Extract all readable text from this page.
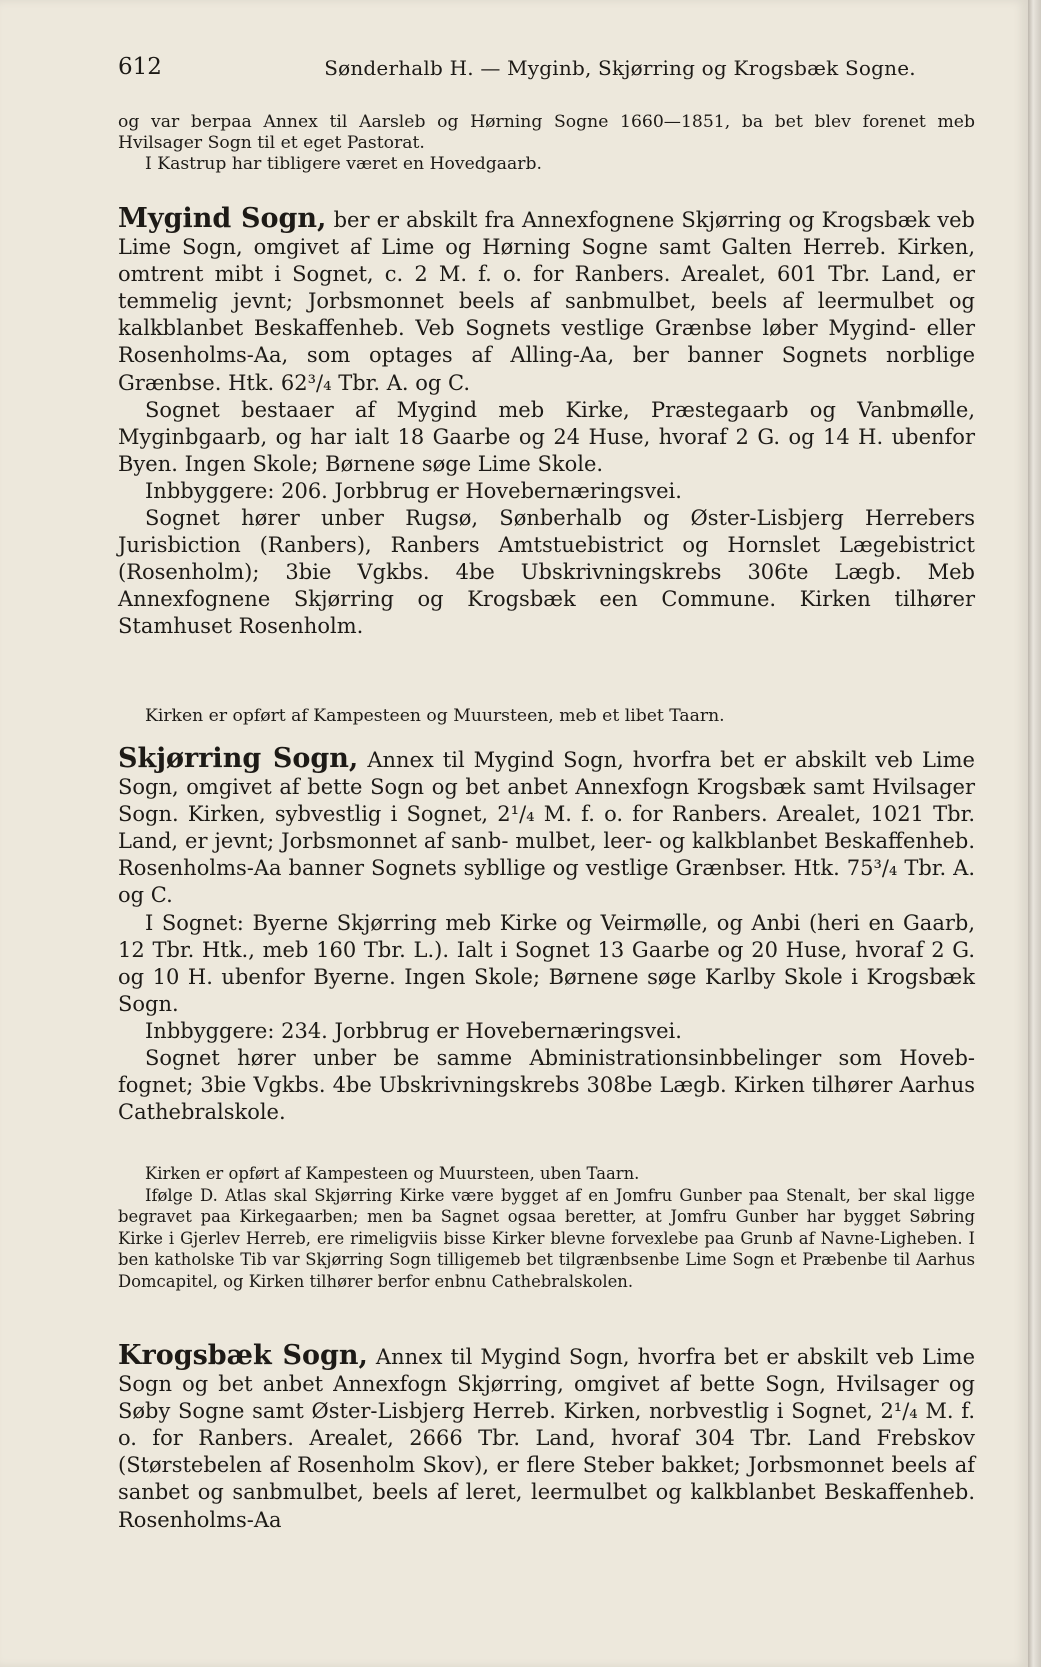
612	Sønderhalb H. — Myginb, Skjørring og Krogsbæk Sogne.

og var berpaa Annex til Aarsleb og Hørning Sogne 1660—1851, ba bet blev forenet meb Hvilsager Sogn til et eget Pastorat.

I Kastrup har tibligere været en Hovedgaarb.

Mygind Sogn, ber er abskilt fra Annexfognene Skjørring og Krogsbæk veb Lime Sogn, omgivet af Lime og Hørning Sogne samt Galten Herreb. Kirken, omtrent mibt i Sognet, c. 2 M. f. o. for Ranbers. Arealet, 601 Tbr. Land, er temmelig jevnt; Jorbsmonnet beels af sanbmulbet, beels af leermulbet og kalkblanbet Beskaffenheb. Veb Sognets vestlige Grænbse løber Mygind- eller Rosenholms-Aa, som optages af Alling-Aa, ber banner Sognets norblige Grænbse. Htk. 62³/₄ Tbr. A. og C.

Sognet bestaaer af Mygind meb Kirke, Præstegaarb og Vanbmølle, Myginbgaarb, og har ialt 18 Gaarbe og 24 Huse, hvoraf 2 G. og 14 H. ubenfor Byen. Ingen Skole; Børnene søge Lime Skole.

Inbbyggere: 206. Jorbbrug er Hovebernæringsvei.

Sognet hører unber Rugsø, Sønberhalb og Øster-Lisbjerg Herrebers Jurisbiction (Ranbers), Ranbers Amtstuebistrict og Hornslet Lægebistrict (Rosenholm); 3bie Vgkbs. 4be Ubskrivningskrebs 306te Lægb. Meb Annexfognene Skjørring og Krogsbæk een Commune. Kirken tilhører Stamhuset Rosenholm.

Kirken er opført af Kampesteen og Muursteen, meb et libet Taarn.

Skjørring Sogn, Annex til Mygind Sogn, hvorfra bet er abskilt veb Lime Sogn, omgivet af bette Sogn og bet anbet Annexfogn Krogsbæk samt Hvilsager Sogn. Kirken, sybvestlig i Sognet, 2¹/₄ M. f. o. for Ranbers. Arealet, 1021 Tbr. Land, er jevnt; Jorbsmonnet af sanb- mulbet, leer- og kalkblanbet Beskaffenheb. Rosenholms-Aa banner Sognets sybllige og vestlige Grænbser. Htk. 75³/₄ Tbr. A. og C.

I Sognet: Byerne Skjørring meb Kirke og Veirmølle, og Anbi (heri en Gaarb, 12 Tbr. Htk., meb 160 Tbr. L.). Ialt i Sognet 13 Gaarbe og 20 Huse, hvoraf 2 G. og 10 H. ubenfor Byerne. Ingen Skole; Børnene søge Karlby Skole i Krogsbæk Sogn.

Inbbyggere: 234. Jorbbrug er Hovebernæringsvei.

Sognet hører unber be samme Abministrationsinbbelinger som Hoveb- fognet; 3bie Vgkbs. 4be Ubskrivningskrebs 308be Lægb. Kirken tilhører Aarhus Cathebralskole.

Kirken er opført af Kampesteen og Muursteen, uben Taarn.

Ifølge D. Atlas skal Skjørring Kirke være bygget af en Jomfru Gunber paa Stenalt, ber skal ligge begravet paa Kirkegaarben; men ba Sagnet ogsaa beretter, at Jomfru Gunber har bygget Søbring Kirke i Gjerlev Herreb, ere rimeligviis bisse Kirker blevne forvexlebe paa Grunb af Navne-Ligheben. I ben katholske Tib var Skjørring Sogn tilligemeb bet tilgrænbsenbe Lime Sogn et Præbenbe til Aarhus Domcapitel, og Kirken tilhører berfor enbnu Cathebralskolen.

Krogsbæk Sogn, Annex til Mygind Sogn, hvorfra bet er abskilt veb Lime Sogn og bet anbet Annexfogn Skjørring, omgivet af bette Sogn, Hvilsager og Søby Sogne samt Øster-Lisbjerg Herreb. Kirken, norbvestlig i Sognet, 2¹/₄ M. f. o. for Ranbers. Arealet, 2666 Tbr. Land, hvoraf 304 Tbr. Land Frebskov (Størstebelen af Rosenholm Skov), er flere Steber bakket; Jorbsmonnet beels af sanbet og sanbmulbet, beels af leret, leermulbet og kalkblanbet Beskaffenheb. Rosenholms-Aa
